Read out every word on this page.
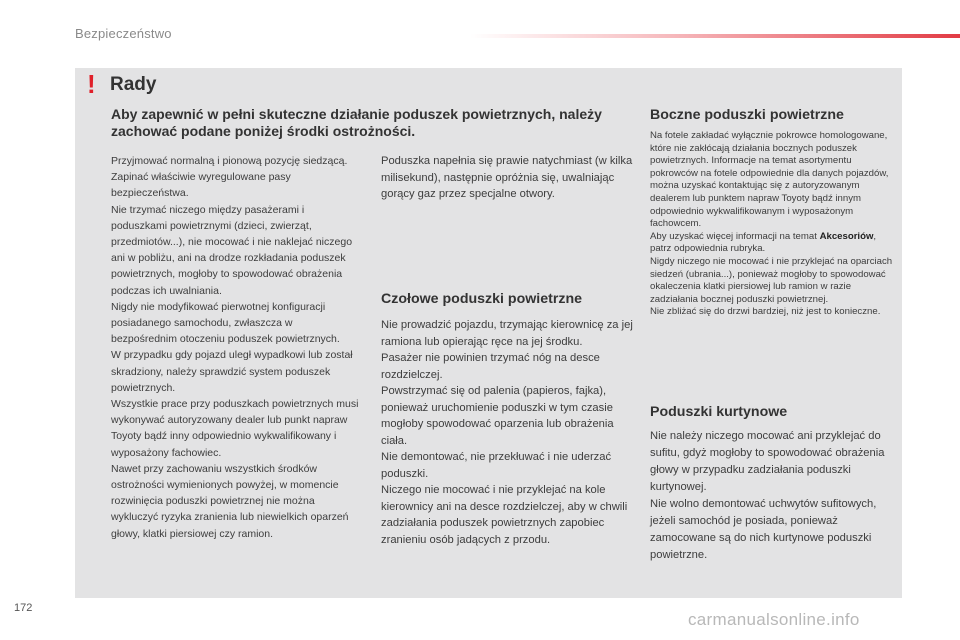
Bezpieczeństwo
! Rady
Aby zapewnić w pełni skuteczne działanie poduszek powietrznych, należy zachować podane poniżej środki ostrożności.

Przyjmować normalną i pionową pozycję siedzącą.
Zapinać właściwie wyregulowane pasy bezpieczeństwa.
Nie trzymać niczego między pasażerami i poduszkami powietrznymi (dzieci, zwierząt, przedmiotów...), nie mocować i nie naklejać niczego ani w pobliżu, ani na drodze rozkładania poduszek powietrznych, mogłoby to spowodować obrażenia podczas ich uwalniania.
Nigdy nie modyfikować pierwotnej konfiguracji posiadanego samochodu, zwłaszcza w bezpośrednim otoczeniu poduszek powietrznych.
W przypadku gdy pojazd uległ wypadkowi lub został skradziony, należy sprawdzić system poduszek powietrznych.
Wszystkie prace przy poduszkach powietrznych musi wykonywać autoryzowany dealer lub punkt napraw Toyoty bądź inny odpowiednio wykwalifikowany i wyposażony fachowiec.
Nawet przy zachowaniu wszystkich środków ostrożności wymienionych powyżej, w momencie rozwinięcia poduszki powietrznej nie można wykluczyć ryzyka zranienia lub niewielkich oparzeń głowy, klatki piersiowej czy ramion.

Poduszka napełnia się prawie natychmiast (w kilka milisekund), następnie opróżnia się, uwalniając gorący gaz przez specjalne otwory.

Czołowe poduszki powietrzne

Nie prowadzić pojazdu, trzymając kierownicę za jej ramiona lub opierając ręce na jej środku.
Pasażer nie powinien trzymać nóg na desce rozdzielczej.
Powstrzymać się od palenia (papieros, fajka), ponieważ uruchomienie poduszki w tym czasie mogłoby spowodować oparzenia lub obrażenia ciała.
Nie demontować, nie przekłuwać i nie uderzać poduszki.
Niczego nie mocować i nie przyklejać na kole kierownicy ani na desce rozdzielczej, aby w chwili zadziałania poduszek powietrznych zapobiec zranieniu osób jadących z przodu.

Boczne poduszki powietrzne

Na fotele zakładać wyłącznie pokrowce homologowane, które nie zakłócają działania bocznych poduszek powietrznych. Informacje na temat asortymentu pokrowców na fotele odpowiednie dla danych pojazdów, można uzyskać kontaktując się z autoryzowanym dealerem lub punktem napraw Toyoty bądź innym odpowiednio wykwalifikowanym i wyposażonym fachowcem.
Aby uzyskać więcej informacji na temat Akcesoriów, patrz odpowiednia rubryka.
Nigdy niczego nie mocować i nie przyklejać na oparciach siedzeń (ubrania...), ponieważ mogłoby to spowodować okaleczenia klatki piersiowej lub ramion w razie zadziałania bocznej poduszki powietrznej.
Nie zbliżać się do drzwi bardziej, niż jest to konieczne.

Poduszki kurtynowe

Nie należy niczego mocować ani przyklejać do sufitu, gdyż mogłoby to spowodować obrażenia głowy w przypadku zadziałania poduszki kurtynowej.
Nie wolno demontować uchwytów sufitowych, jeżeli samochód je posiada, ponieważ zamocowane są do nich kurtynowe poduszki powietrzne.

172
carmanualsonline.info
